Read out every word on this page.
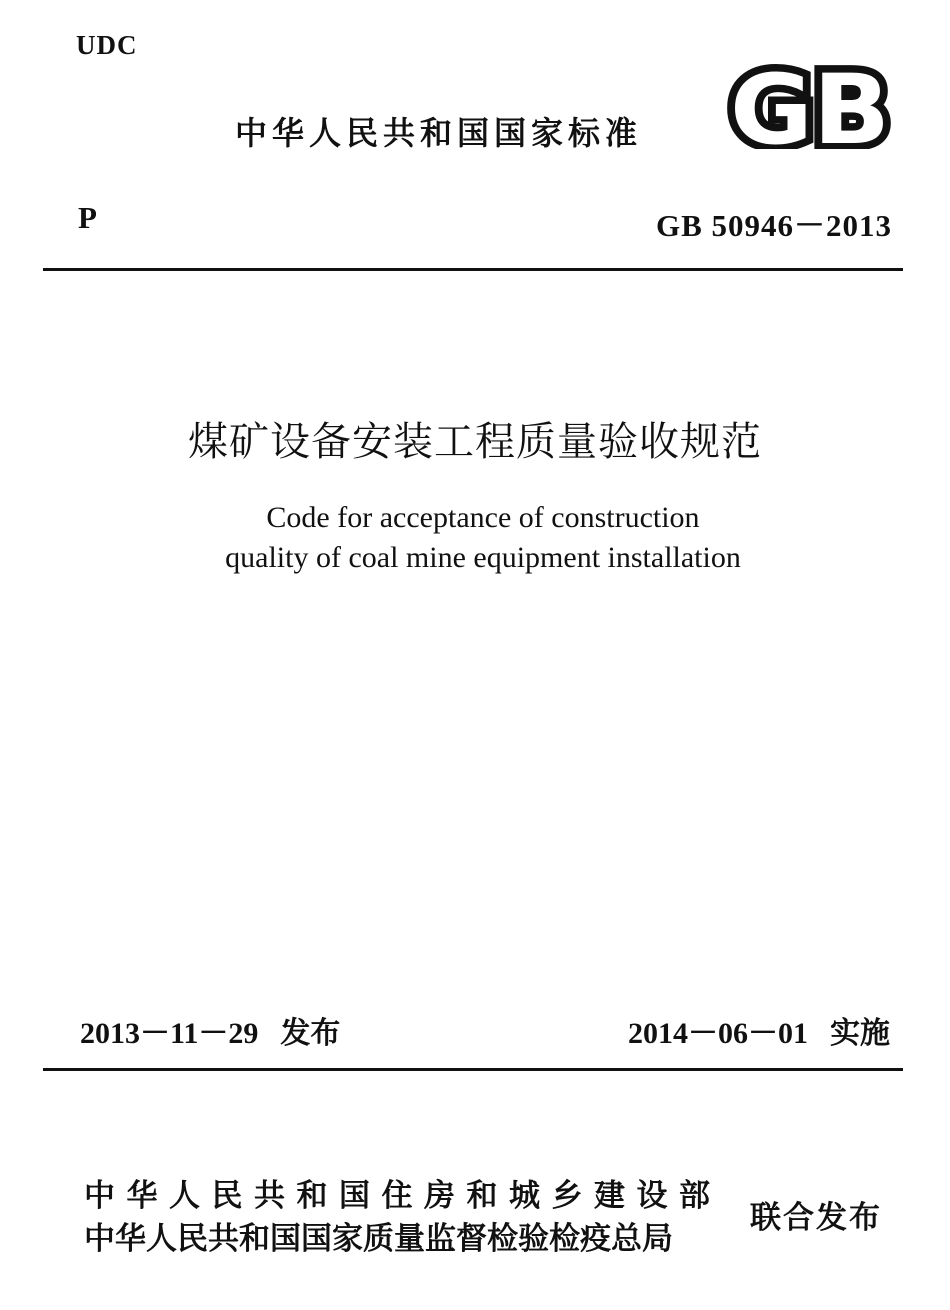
UDC
中华人民共和国国家标准 GB
P	GB 50946－2013
煤矿设备安装工程质量验收规范
Code for acceptance of construction
quality of coal mine equipment installation
2013－11－29 发布	2014－06－01 实施
中华人民共和国住房和城乡建设部
中华人民共和国国家质量监督检验检疫总局
联合发布
